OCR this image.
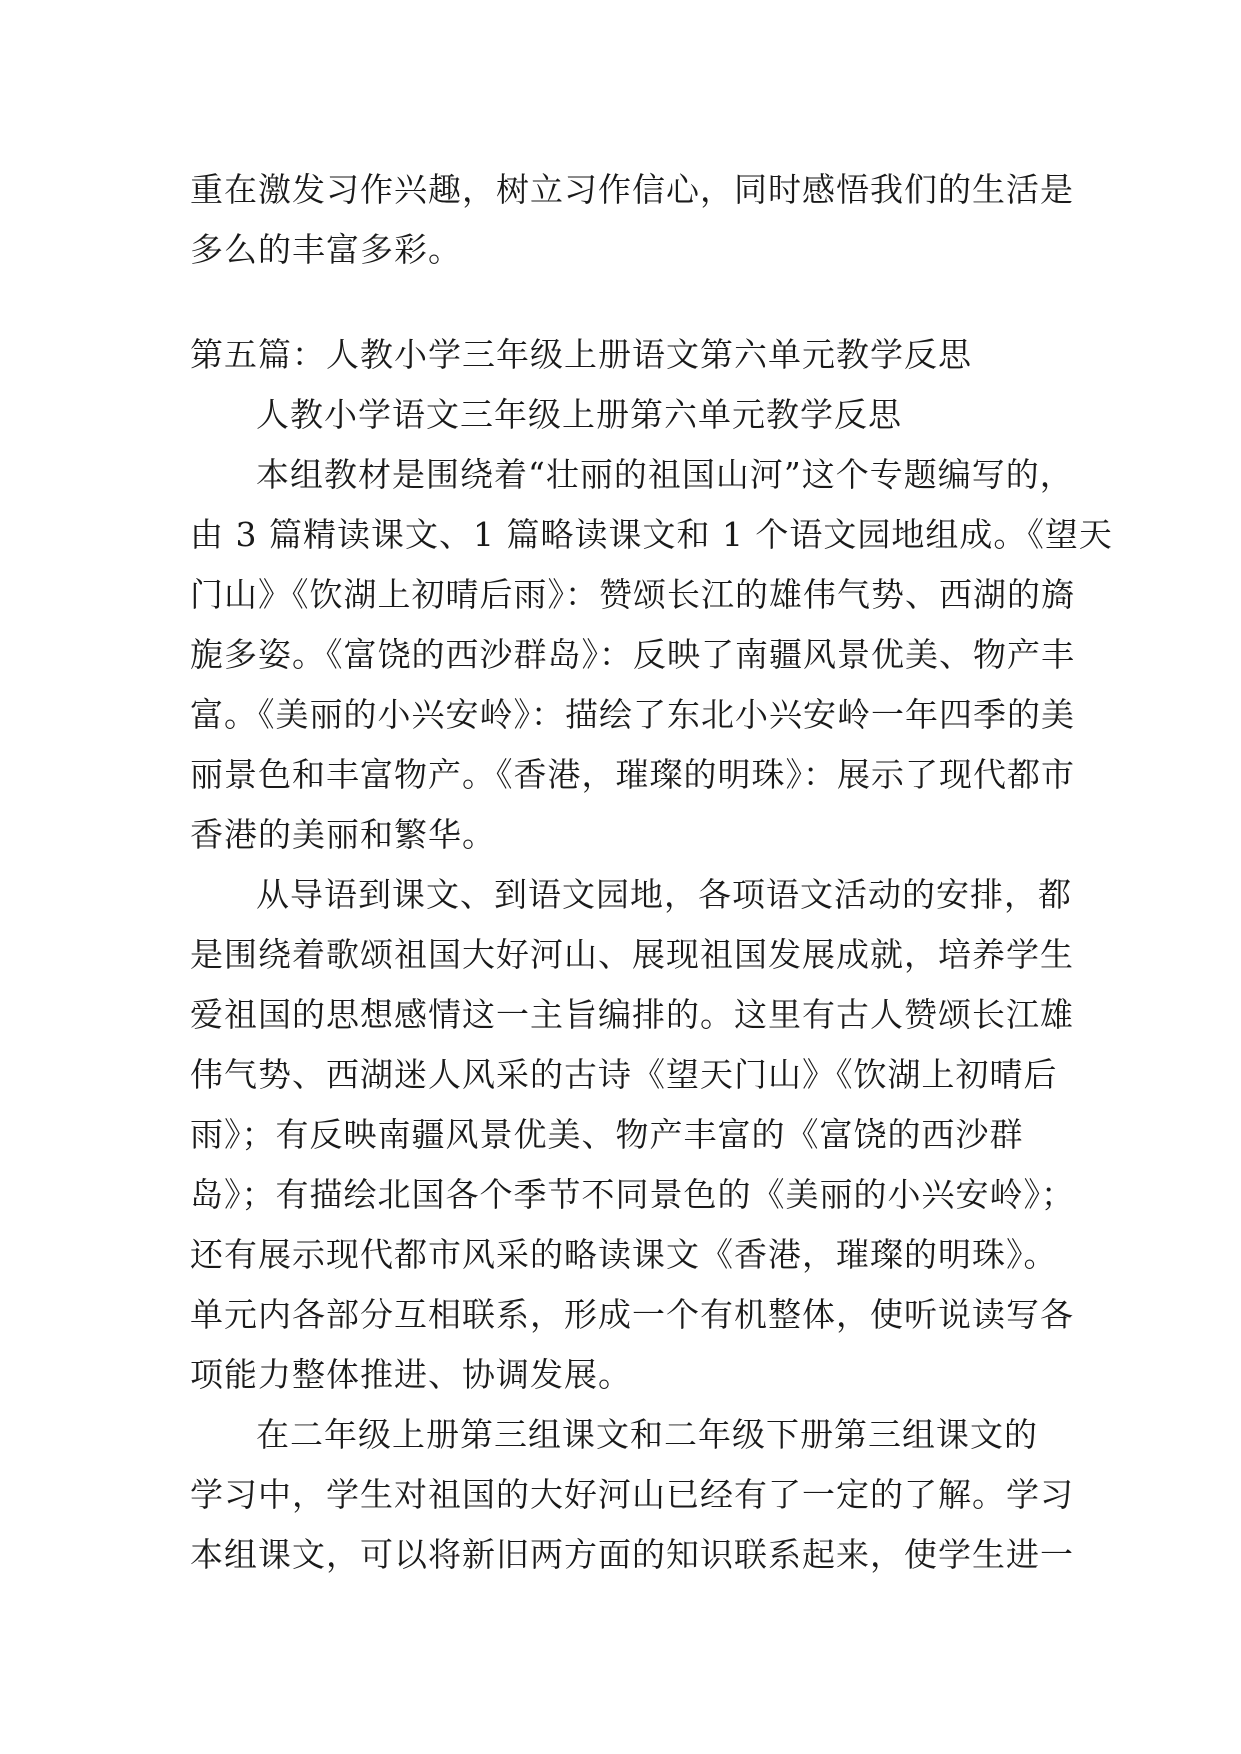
重在激发习作兴趣，树立习作信心，同时感悟我们的生活是
多么的丰富多彩。
第五篇：人教小学三年级上册语文第六单元教学反思
人教小学语文三年级上册第六单元教学反思
本组教材是围绕着“壮丽的祖国山河”这个专题编写的，
由 3 篇精读课文、1 篇略读课文和 1 个语文园地组成。《望天
门山》《饮湖上初晴后雨》：赞颂长江的雄伟气势、西湖的旖
旎多姿。《富饶的西沙群岛》：反映了南疆风景优美、物产丰
富。《美丽的小兴安岭》：描绘了东北小兴安岭一年四季的美
丽景色和丰富物产。《香港，璀璨的明珠》：展示了现代都市
香港的美丽和繁华。
从导语到课文、到语文园地，各项语文活动的安排，都
是围绕着歌颂祖国大好河山、展现祖国发展成就，培养学生
爱祖国的思想感情这一主旨编排的。这里有古人赞颂长江雄
伟气势、西湖迷人风采的古诗《望天门山》《饮湖上初晴后
雨》；有反映南疆风景优美、物产丰富的《富饶的西沙群
岛》；有描绘北国各个季节不同景色的《美丽的小兴安岭》；
还有展示现代都市风采的略读课文《香港，璀璨的明珠》。
单元内各部分互相联系，形成一个有机整体，使听说读写各
项能力整体推进、协调发展。
在二年级上册第三组课文和二年级下册第三组课文的
学习中，学生对祖国的大好河山已经有了一定的了解。学习
本组课文，可以将新旧两方面的知识联系起来，使学生进一
